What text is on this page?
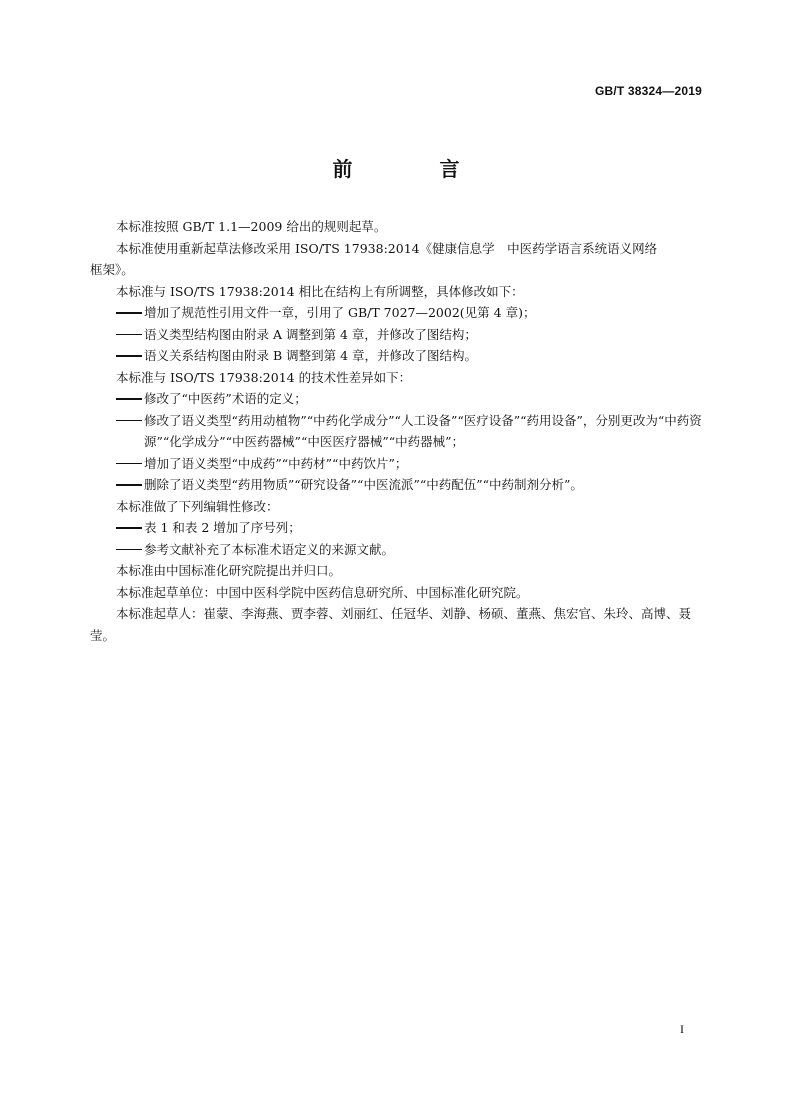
GB/T 38324—2019
前 言

本标准按照 GB/T 1.1—2009 给出的规则起草。

本标准使用重新起草法修改采用 ISO/TS 17938:2014《健康信息学　中医药学语言系统语义网络

框架》。

本标准与 ISO/TS 17938:2014 相比在结构上有所调整，具体修改如下：

增加了规范性引用文件一章，引用了 GB/T 7027—2002(见第 4 章)；
语义类型结构图由附录 A 调整到第 4 章，并修改了图结构；
语义关系结构图由附录 B 调整到第 4 章，并修改了图结构。

本标准与 ISO/TS 17938:2014 的技术性差异如下：

修改了“中医药”术语的定义；
修改了语义类型“药用动植物”“中药化学成分”“人工设备”“医疗设备”“药用设备”，分别更改为“中药资源”“化学成分”“中医药器械”“中医医疗器械”“中药器械”；
增加了语义类型“中成药”“中药材”“中药饮片”；
删除了语义类型“药用物质”“研究设备”“中医流派”“中药配伍”“中药制剂分析”。

本标准做了下列编辑性修改：

表 1 和表 2 增加了序号列；
参考文献补充了本标准术语定义的来源文献。

本标准由中国标准化研究院提出并归口。

本标准起草单位：中国中医科学院中医药信息研究所、中国标准化研究院。

本标准起草人：崔蒙、李海燕、贾李蓉、刘丽红、任冠华、刘静、杨硕、董燕、焦宏官、朱玲、高博、聂莹。

I
